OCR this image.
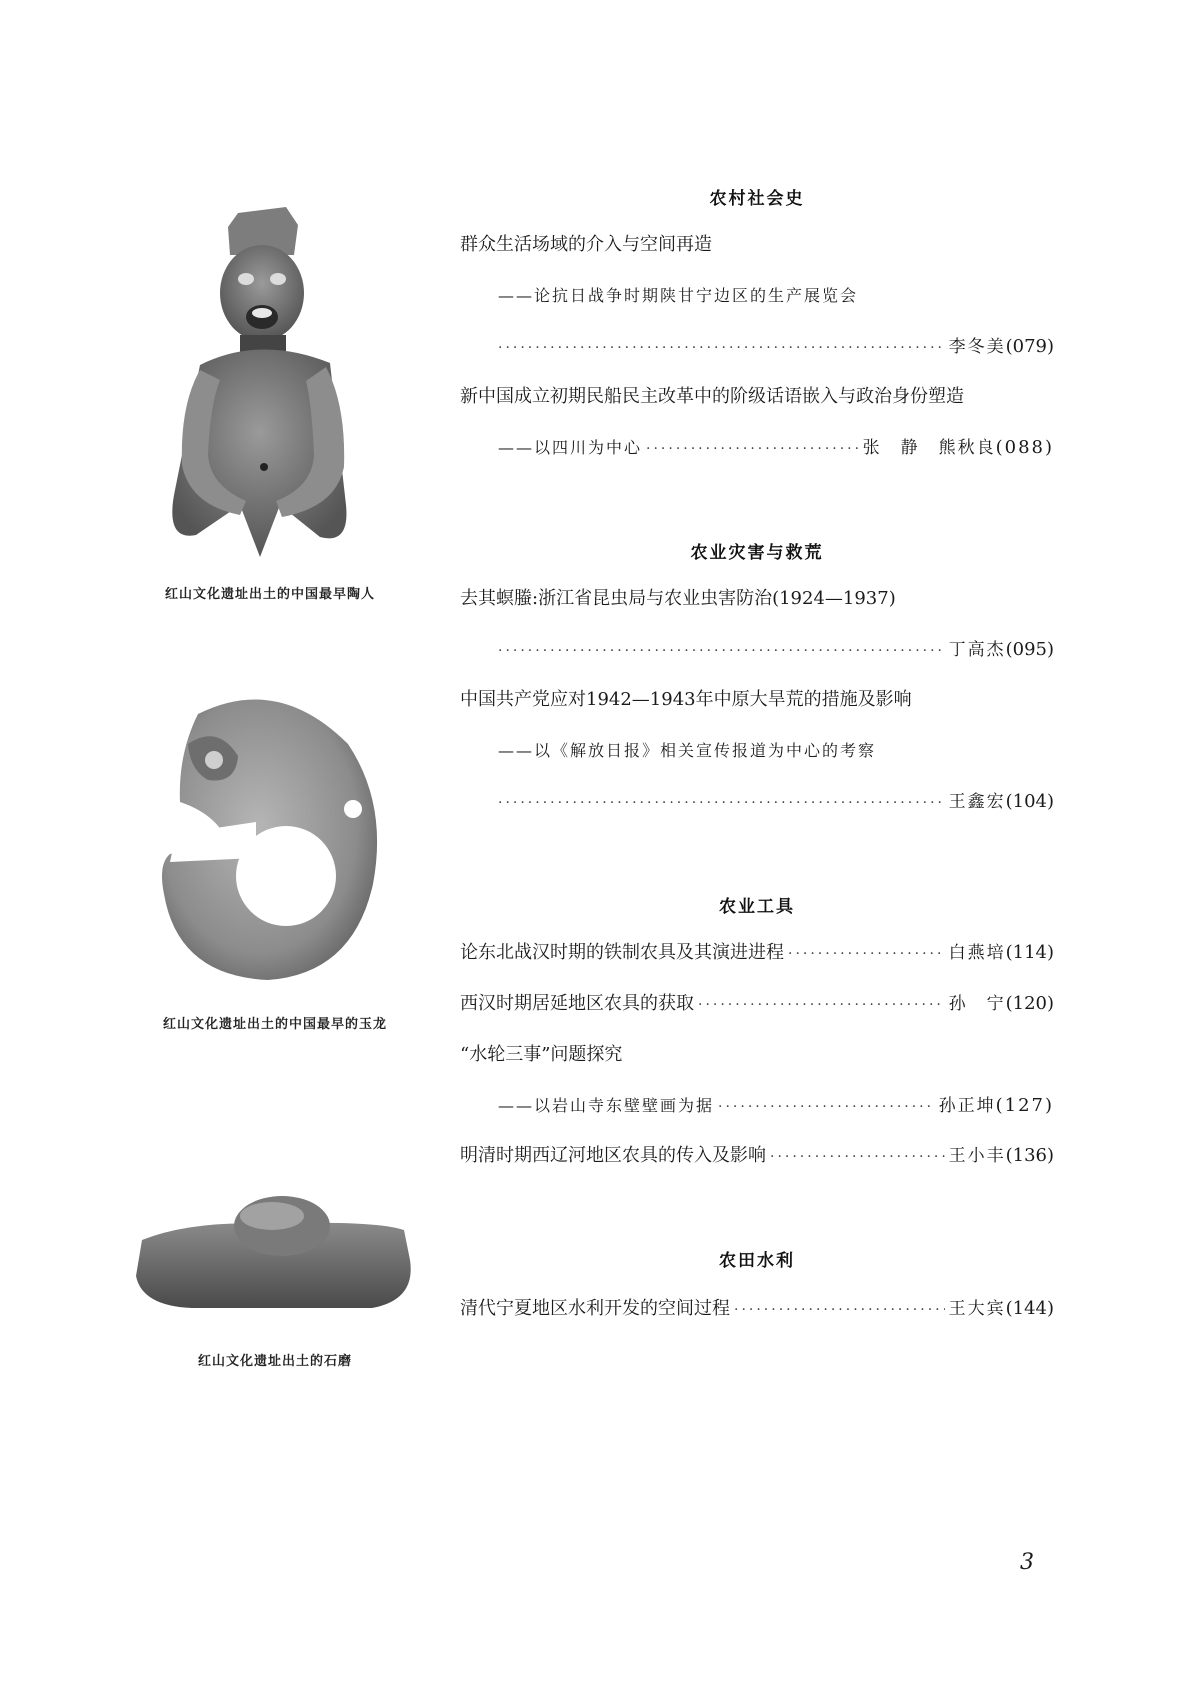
红山文化遗址出土的中国最早陶人
红山文化遗址出土的中国最早的玉龙
红山文化遗址出土的石磨
农村社会史
群众生活场域的介入与空间再造
——论抗日战争时期陕甘宁边区的生产展览会
·····
李冬美 (079)
新中国成立初期民船民主改革中的阶级话语嵌入与政治身份塑造
——以四川为中心 ·····	张　静　熊秋良 (088)
农业灾害与救荒
去其螟螣:浙江省昆虫局与农业虫害防治(1924—1937)
·····
丁高杰 (095)
中国共产党应对1942—1943年中原大旱荒的措施及影响
——以《解放日报》相关宣传报道为中心的考察
·····
王鑫宏 (104)
农业工具
论东北战汉时期的铁制农具及其演进进程 ·····	白燕培 (114)
西汉时期居延地区农具的获取 ·····	孙　宁 (120)
“水轮三事”问题探究
——以岩山寺东壁壁画为据 ·····	孙正坤 (127)
明清时期西辽河地区农具的传入及影响 ·····	王小丰 (136)
农田水利
清代宁夏地区水利开发的空间过程 ·····	王大宾 (144)
3
